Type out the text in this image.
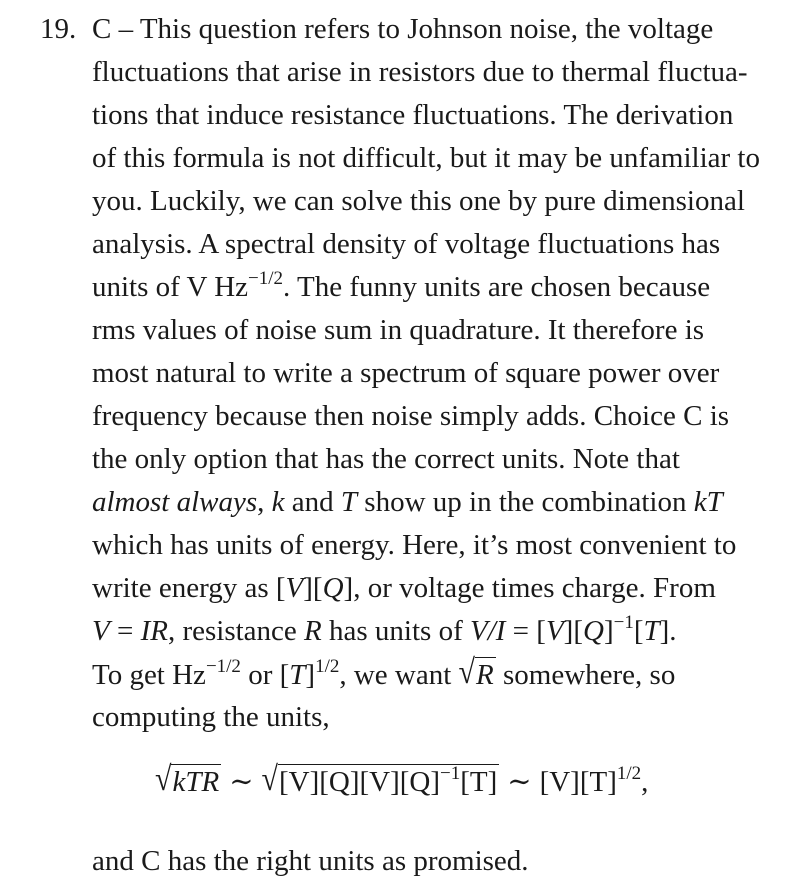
19. C – This question refers to Johnson noise, the voltage
fluctuations that arise in resistors due to thermal fluctua-
tions that induce resistance fluctuations. The derivation
of this formula is not difficult, but it may be unfamiliar to
you. Luckily, we can solve this one by pure dimensional
analysis. A spectral density of voltage fluctuations has
units of V $Hz^{-1/2}$. The funny units are chosen because
rms values of noise sum in quadrature. It therefore is
most natural to write a spectrum of square power over
frequency because then noise simply adds. Choice C is
the only option that has the correct units. Note that
almost always, k and T show up in the combination kT
which has units of energy. Here, it’s most convenient to
write energy as [V][Q], or voltage times charge. From
V = IR, resistance R has units of $V/I = [V][Q]^{-1}[T]$.
To get $Hz^{-1/2}$ or $[T]^{1/2}$, we want √R somewhere, so
computing the units,
√kTR ∼ $√[V][Q][V][Q]^{-1}[T]$ ∼ $[V][T]^{1/2}$,
and C has the right units as promised.
